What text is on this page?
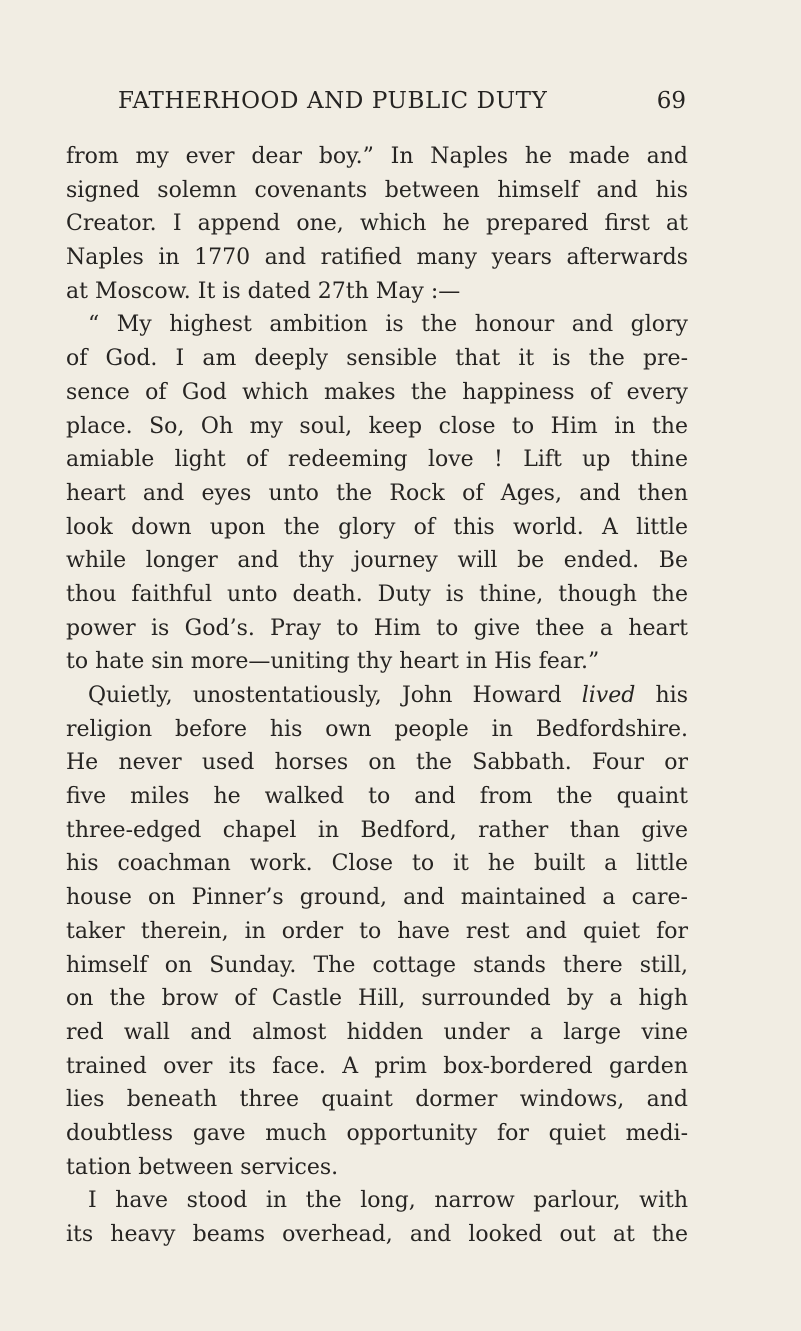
FATHERHOOD AND PUBLIC DUTY	69
from my ever dear boy.” In Naples he made and
signed solemn covenants between himself and his
Creator. I append one, which he prepared first at
Naples in 1770 and ratified many years afterwards
at Moscow. It is dated 27th May :—
“ My highest ambition is the honour and glory
of God. I am deeply sensible that it is the pre-
sence of God which makes the happiness of every
place. So, Oh my soul, keep close to Him in the
amiable light of redeeming love ! Lift up thine
heart and eyes unto the Rock of Ages, and then
look down upon the glory of this world. A little
while longer and thy journey will be ended. Be
thou faithful unto death. Duty is thine, though the
power is God’s. Pray to Him to give thee a heart
to hate sin more—uniting thy heart in His fear.”
Quietly, unostentatiously, John Howard lived his
religion before his own people in Bedfordshire.
He never used horses on the Sabbath. Four or
five miles he walked to and from the quaint
three-edged chapel in Bedford, rather than give
his coachman work. Close to it he built a little
house on Pinner’s ground, and maintained a care-
taker therein, in order to have rest and quiet for
himself on Sunday. The cottage stands there still,
on the brow of Castle Hill, surrounded by a high
red wall and almost hidden under a large vine
trained over its face. A prim box-bordered garden
lies beneath three quaint dormer windows, and
doubtless gave much opportunity for quiet medi-
tation between services.
I have stood in the long, narrow parlour, with
its heavy beams overhead, and looked out at the
